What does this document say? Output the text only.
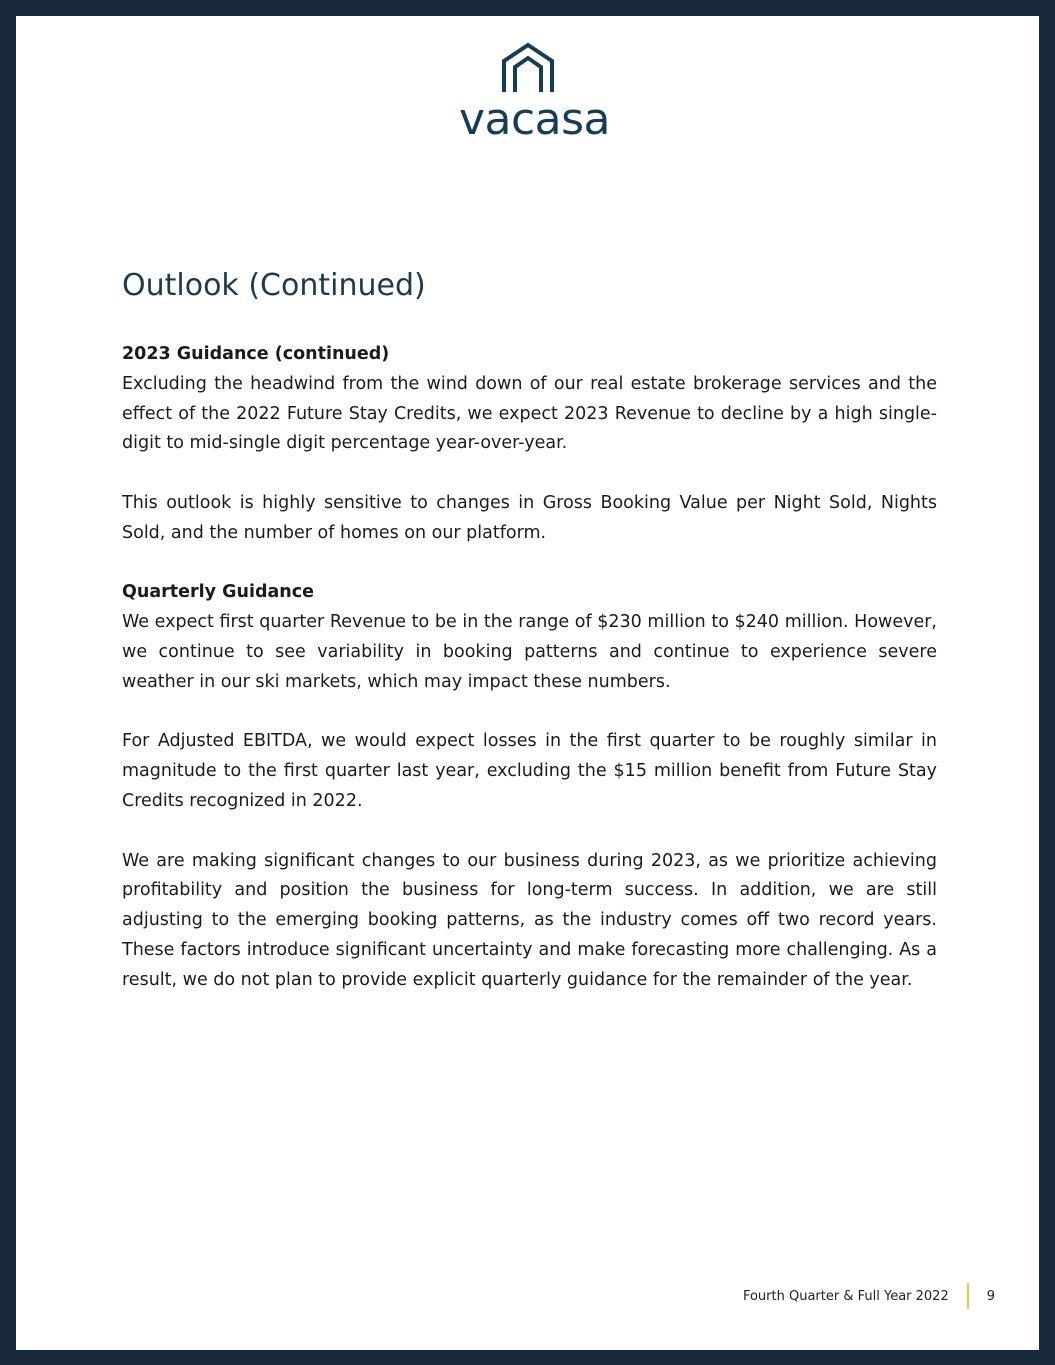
vacasa
Outlook (Continued)

2023 Guidance (continued)

Excluding the headwind from the wind down of our real estate brokerage services and the effect of the 2022 Future Stay Credits, we expect 2023 Revenue to decline by a high single-digit to mid-single digit percentage year-over-year.

This outlook is highly sensitive to changes in Gross Booking Value per Night Sold, Nights Sold, and the number of homes on our platform.

Quarterly Guidance

We expect first quarter Revenue to be in the range of $230 million to $240 million. However, we continue to see variability in booking patterns and continue to experience severe weather in our ski markets, which may impact these numbers.

For Adjusted EBITDA, we would expect losses in the first quarter to be roughly similar in magnitude to the first quarter last year, excluding the $15 million benefit from Future Stay Credits recognized in 2022.

We are making significant changes to our business during 2023, as we prioritize achieving profitability and position the business for long-term success. In addition, we are still adjusting to the emerging booking patterns, as the industry comes off two record years. These factors introduce significant uncertainty and make forecasting more challenging. As a result, we do not plan to provide explicit quarterly guidance for the remainder of the year.

Fourth Quarter & Full Year 2022	9
